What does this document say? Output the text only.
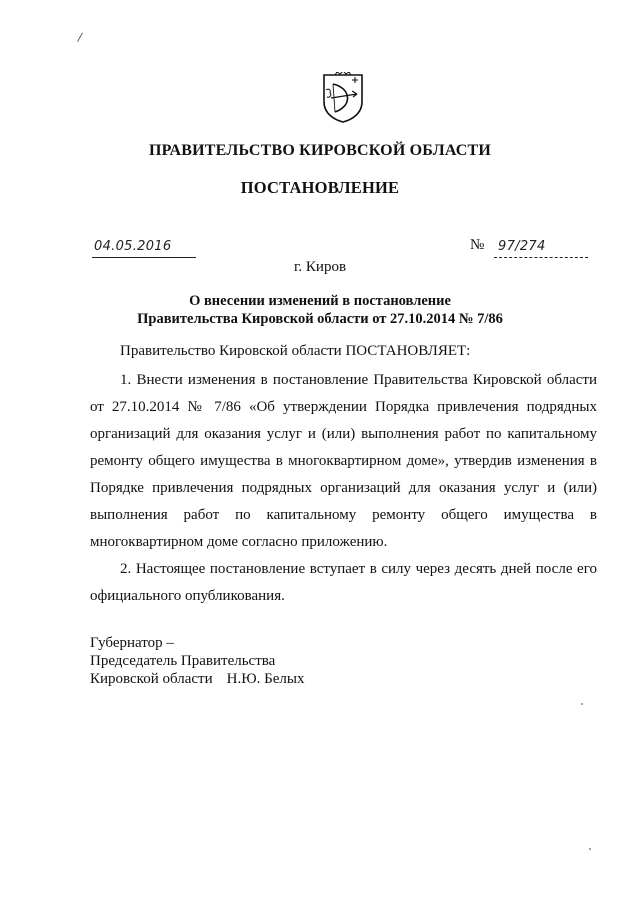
/
ПРАВИТЕЛЬСТВО КИРОВСКОЙ ОБЛАСТИ
ПОСТАНОВЛЕНИЕ
04.05.2016	№ 97/274
г. Киров
О внесении изменений в постановление
Правительства Кировской области от 27.10.2014 № 7/86
Правительство Кировской области ПОСТАНОВЛЯЕТ:
1. Внести изменения в постановление Правительства Кировской области от 27.10.2014 № 7/86 «Об утверждении Порядка привлечения подрядных организаций для оказания услуг и (или) выполнения работ по капитальному ремонту общего имущества в многоквартирном доме», утвердив изменения в Порядке привлечения подрядных организаций для оказания услуг и (или) выполнения работ по капитальному ремонту общего имущества в многоквартирном доме согласно приложению.
2. Настоящее постановление вступает в силу через десять дней после его официального опубликования.
Губернатор –
Председатель Правительства
Кировской области Н.Ю. Белых
